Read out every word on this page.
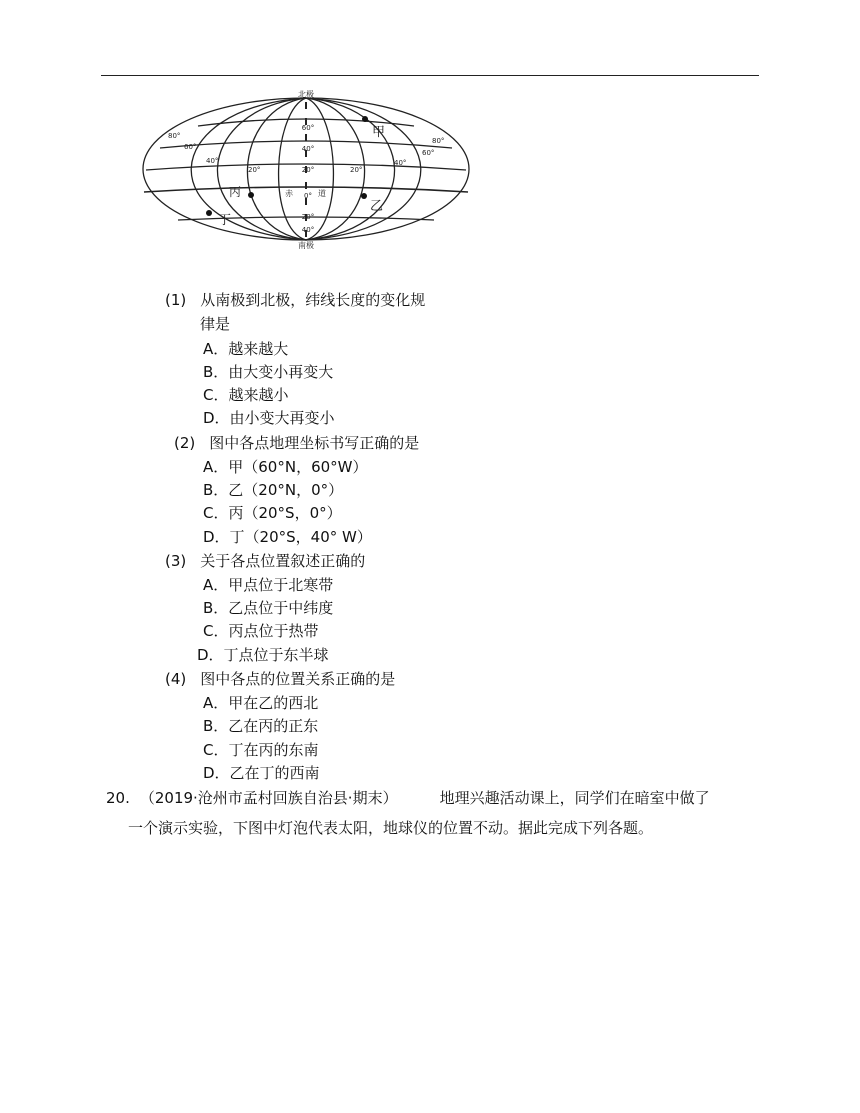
北极
南极
60°
40°
20°
0°
20°
40°
80°
60°
40°
20°	20°
40°
60°
80°
赤	道
甲
丙
乙
丁
(1) 从南极到北极，纬线长度的变化规
律是
A．越来越大
B．由大变小再变大
C．越来越小
D．由小变大再变小
(2) 图中各点地理坐标书写正确的是
A．甲（60°N，60°W）
B．乙（20°N，0°）
C．丙（20°S，0°）
D．丁（20°S，40° W）
(3) 关于各点位置叙述正确的
A．甲点位于北寒带
B．乙点位于中纬度
C．丙点位于热带
D．丁点位于东半球
(4) 图中各点的位置关系正确的是
A．甲在乙的西北
B．乙在丙的正东
C．丁在丙的东南
D．乙在丁的西南
20. （2019·沧州市孟村回族自治县·期末）	地理兴趣活动课上，同学们在暗室中做了
一个演示实验，下图中灯泡代表太阳，地球仪的位置不动。据此完成下列各题。
